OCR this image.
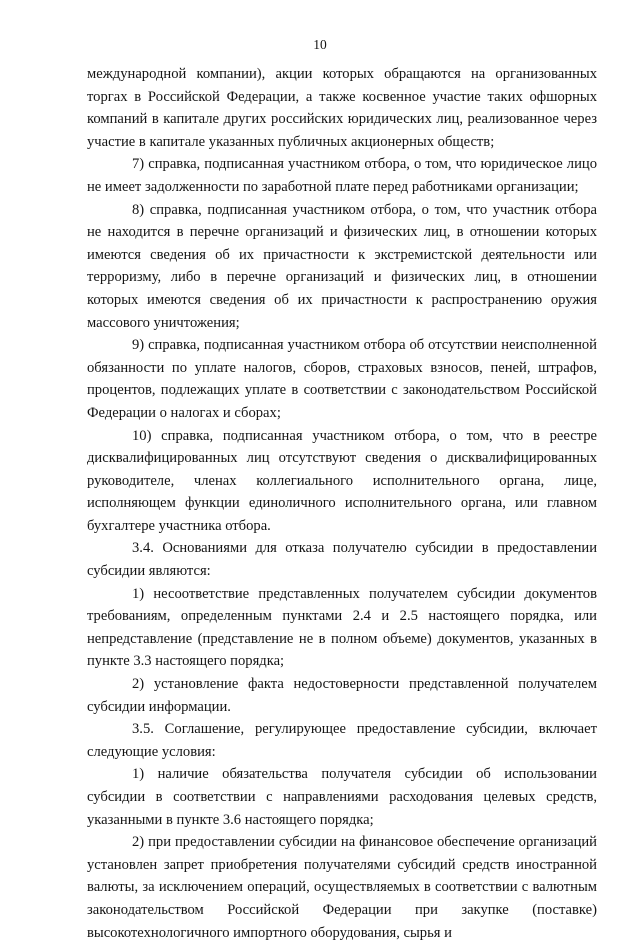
10

международной компании), акции которых обращаются на организованных торгах в Российской Федерации, а также косвенное участие таких офшорных компаний в капитале других российских юридических лиц, реализованное через участие в капитале указанных публичных акционерных обществ;

7) справка, подписанная участником отбора, о том, что юридическое лицо не имеет задолженности по заработной плате перед работниками организации;

8) справка, подписанная участником отбора, о том, что участник отбора не находится в перечне организаций и физических лиц, в отношении которых имеются сведения об их причастности к экстремистской деятельности или терроризму, либо в перечне организаций и физических лиц, в отношении которых имеются сведения об их причастности к распространению оружия массового уничтожения;

9) справка, подписанная участником отбора об отсутствии неисполненной обязанности по уплате налогов, сборов, страховых взносов, пеней, штрафов, процентов, подлежащих уплате в соответствии с законодательством Российской Федерации о налогах и сборах;

10) справка, подписанная участником отбора, о том, что в реестре дисквалифицированных лиц отсутствуют сведения о дисквалифицированных руководителе, членах коллегиального исполнительного органа, лице, исполняющем функции единоличного исполнительного органа, или главном бухгалтере участника отбора.

3.4. Основаниями для отказа получателю субсидии в предоставлении субсидии являются:

1) несоответствие представленных получателем субсидии документов требованиям, определенным пунктами 2.4 и 2.5 настоящего порядка, или непредставление (представление не в полном объеме) документов, указанных в пункте 3.3 настоящего порядка;

2) установление факта недостоверности представленной получателем субсидии информации.

3.5. Соглашение, регулирующее предоставление субсидии, включает следующие условия:

1) наличие обязательства получателя субсидии об использовании субсидии в соответствии с направлениями расходования целевых средств, указанными в пункте 3.6 настоящего порядка;

2) при предоставлении субсидии на финансовое обеспечение организаций установлен запрет приобретения получателями субсидий средств иностранной валюты, за исключением операций, осуществляемых в соответствии с валютным законодательством Российской Федерации при закупке (поставке) высокотехнологичного импортного оборудования, сырья и
